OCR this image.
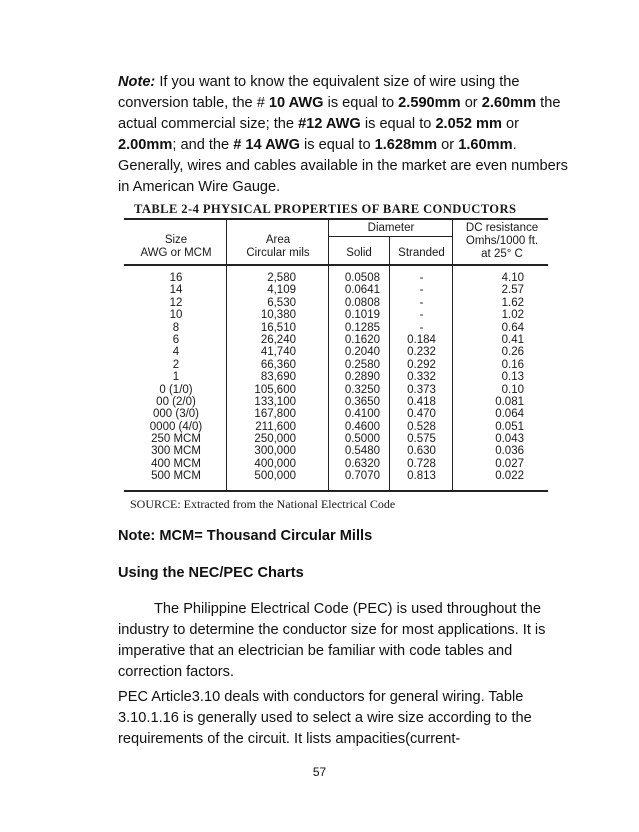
Note: If you want to know the equivalent size of wire using the conversion table, the # 10 AWG is equal to 2.590mm or 2.60mm the actual commercial size; the #12 AWG is equal to 2.052 mm or 2.00mm; and the # 14 AWG is equal to 1.628mm or 1.60mm. Generally, wires and cables available in the market are even numbers in American Wire Gauge.
TABLE 2-4 PHYSICAL PROPERTIES OF BARE CONDUCTORS
Size
AWG or MCM
Area
Circular mils
Diameter
Solid	Stranded
DC resistance
Omhs/1000 ft.
at 25° C
16
14
12
10
8
6
4
2
1
0 (1/0)
00 (2/0)
000 (3/0)
0000 (4/0)
250 MCM
300 MCM
400 MCM
500 MCM
2,580
4,109
6,530
10,380
16,510
26,240
41,740
66,360
83,690
105,600
133,100
167,800
211,600
250,000
300,000
400,000
500,000
0.0508
0.0641
0.0808
0.1019
0.1285
0.1620
0.2040
0.2580
0.2890
0.3250
0.3650
0.4100
0.4600
0.5000
0.5480
0.6320
0.7070
-
-
-
-
-
0.184
0.232
0.292
0.332
0.373
0.418
0.470
0.528
0.575
0.630
0.728
0.813
4.10
2.57
1.62
1.02
0.64
0.41
0.26
0.16
0.13
0.10
0.081
0.064
0.051
0.043
0.036
0.027
0.022
SOURCE: Extracted from the National Electrical Code
Note: MCM= Thousand Circular Mills
Using the NEC/PEC Charts
The Philippine Electrical Code (PEC) is used throughout the industry to determine the conductor size for most applications. It is imperative that an electrician be familiar with code tables and correction factors.
PEC Article3.10 deals with conductors for general wiring. Table 3.10.1.16 is generally used to select a wire size according to the requirements of the circuit. It lists ampacities(current-
57
